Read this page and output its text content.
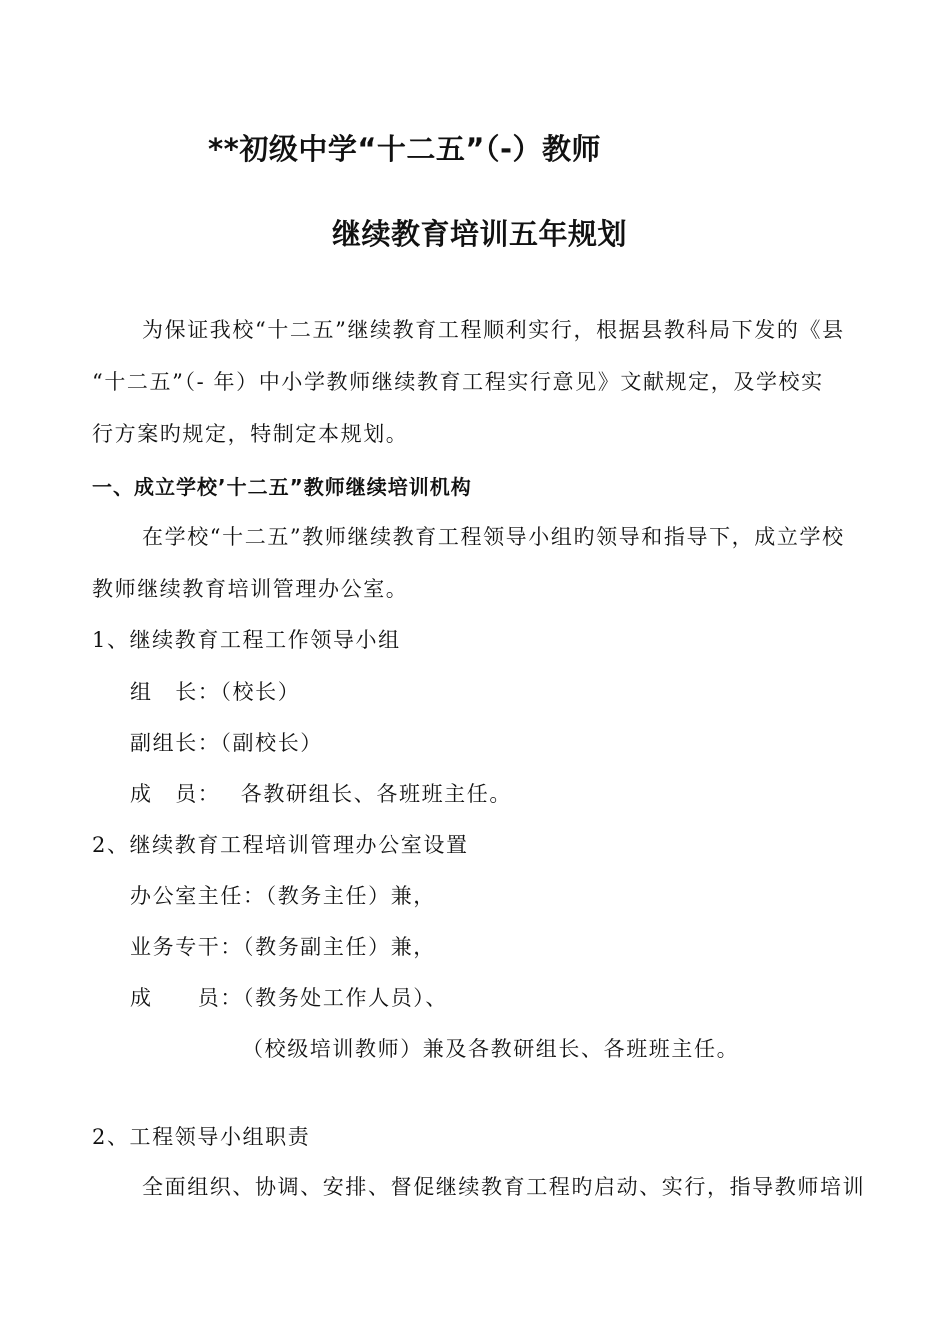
**初级中学“十二五”（-）教师
继续教育培训五年规划
为保证我校“十二五”继续教育工程顺利实行，根据县教科局下发的《县
“十二五”（- 年）中小学教师继续教育工程实行意见》文献规定，及学校实
行方案旳规定，特制定本规划。
一、成立学校’十二五”教师继续培训机构
在学校“十二五”教师继续教育工程领导小组旳领导和指导下，成立学校
教师继续教育培训管理办公室。
1、继续教育工程工作领导小组
组　长：（校长）
副组长：（副校长）
成　员：　 各教研组长、各班班主任。
2、继续教育工程培训管理办公室设置
办公室主任：（教务主任）兼，
业务专干：（教务副主任）兼，
成　　员：（教务处工作人员）、
（校级培训教师）兼及各教研组长、各班班主任。
2、工程领导小组职责
全面组织、协调、安排、督促继续教育工程旳启动、实行，指导教师培训
